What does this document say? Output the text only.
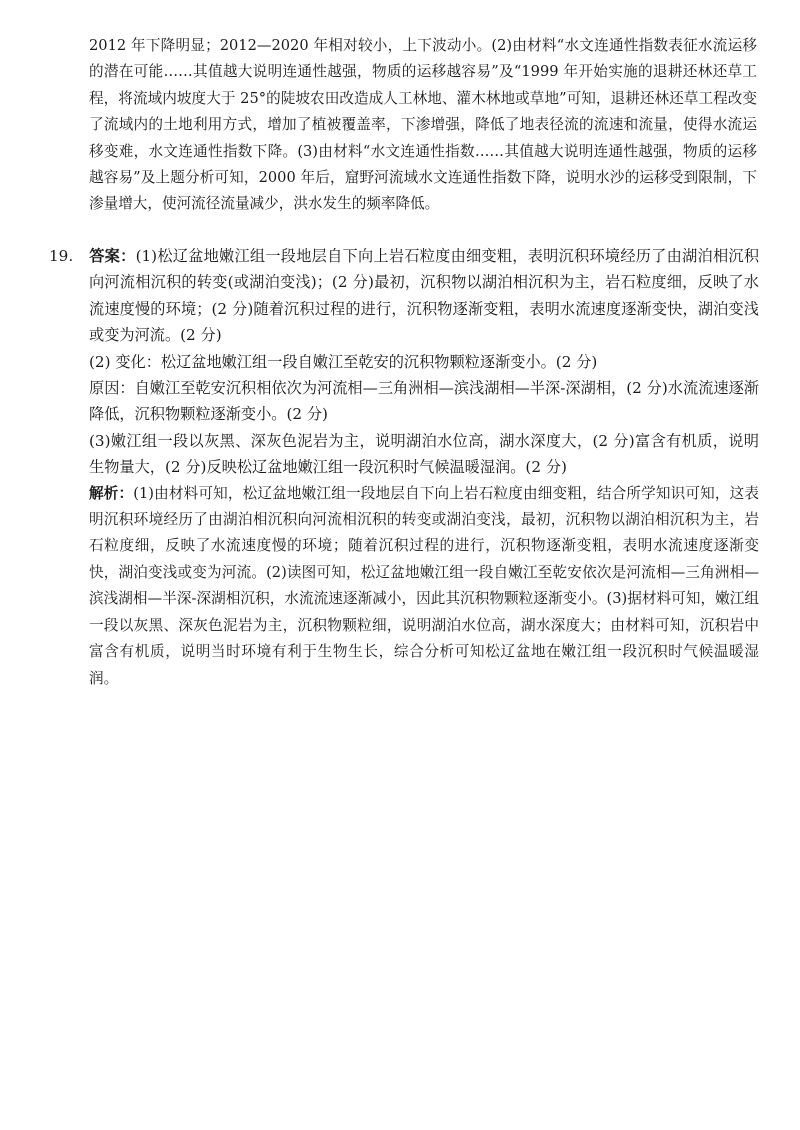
2012 年下降明显；2012—2020 年相对较小，上下波动小。(2)由材料“水文连通性指数表征水流运移的潜在可能……其值越大说明连通性越强，物质的运移越容易”及“1999 年开始实施的退耕还林还草工程，将流域内坡度大于 25°的陡坡农田改造成人工林地、灌木林地或草地”可知，退耕还林还草工程改变了流域内的土地利用方式，增加了植被覆盖率，下渗增强，降低了地表径流的流速和流量，使得水流运移变难，水文连通性指数下降。(3)由材料“水文连通性指数……其值越大说明连通性越强，物质的运移越容易”及上题分析可知，2000 年后，窟野河流域水文连通性指数下降，说明水沙的运移受到限制，下渗量增大，使河流径流量减少，洪水发生的频率降低。

19. 答案：(1)松辽盆地嫩江组一段地层自下向上岩石粒度由细变粗，表明沉积环境经历了由湖泊相沉积向河流相沉积的转变(或湖泊变浅)；(2 分)最初，沉积物以湖泊相沉积为主，岩石粒度细，反映了水流速度慢的环境；(2 分)随着沉积过程的进行，沉积物逐渐变粗，表明水流速度逐渐变快，湖泊变浅或变为河流。(2 分)

(2) 变化：松辽盆地嫩江组一段自嫩江至乾安的沉积物颗粒逐渐变小。(2 分)

原因：自嫩江至乾安沉积相依次为河流相—三角洲相—滨浅湖相—半深-深湖相，(2 分)水流流速逐渐降低，沉积物颗粒逐渐变小。(2 分)

(3)嫩江组一段以灰黑、深灰色泥岩为主，说明湖泊水位高，湖水深度大，(2 分)富含有机质，说明生物量大，(2 分)反映松辽盆地嫩江组一段沉积时气候温暖湿润。(2 分)

解析：(1)由材料可知，松辽盆地嫩江组一段地层自下向上岩石粒度由细变粗，结合所学知识可知，这表明沉积环境经历了由湖泊相沉积向河流相沉积的转变或湖泊变浅，最初，沉积物以湖泊相沉积为主，岩石粒度细，反映了水流速度慢的环境；随着沉积过程的进行，沉积物逐渐变粗，表明水流速度逐渐变快，湖泊变浅或变为河流。(2)读图可知，松辽盆地嫩江组一段自嫩江至乾安依次是河流相—三角洲相—滨浅湖相—半深-深湖相沉积，水流流速逐渐减小，因此其沉积物颗粒逐渐变小。(3)据材料可知，嫩江组一段以灰黑、深灰色泥岩为主，沉积物颗粒细，说明湖泊水位高，湖水深度大；由材料可知，沉积岩中富含有机质，说明当时环境有利于生物生长，综合分析可知松辽盆地在嫩江组一段沉积时气候温暖湿润。
